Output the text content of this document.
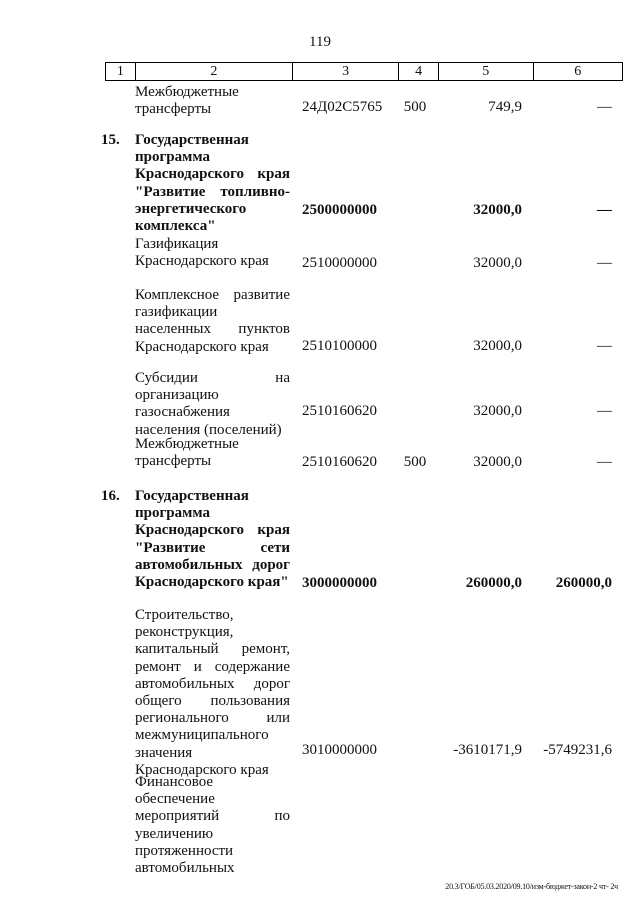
119
1	2	3	4	5	6
Межбюджетные трансферты	24Д02С5765	500	749,9	—
15.	Государственная программа Краснодарского края "Развитие топливно-энергетического комплекса"
2500000000	32000,0	—
Газификация Краснодарского края	2510000000	32000,0	—
Комплексное развитие газификации населенных пунктов Краснодарского края	2510100000	32000,0	—
Субсидии на организацию газоснабжения населения (поселений)
2510160620	32000,0	—
Межбюджетные трансферты	2510160620	500	32000,0	—
16.	Государственная программа Краснодарского края "Развитие сети автомобильных дорог Краснодарского края" 3000000000	260000,0	260000,0
Строительство, реконструкция, капитальный ремонт, ремонт и содержание автомобильных дорог общего пользования регионального или межмуниципального значения Краснодарского края
3010000000	-3610171,9	-5749231,6
Финансовое обеспечение мероприятий по увеличению протяженности автомобильных
20.3/ГОБ/05.03.2020/09.10/изм-бюджет-закон-2 чт- 2ч
